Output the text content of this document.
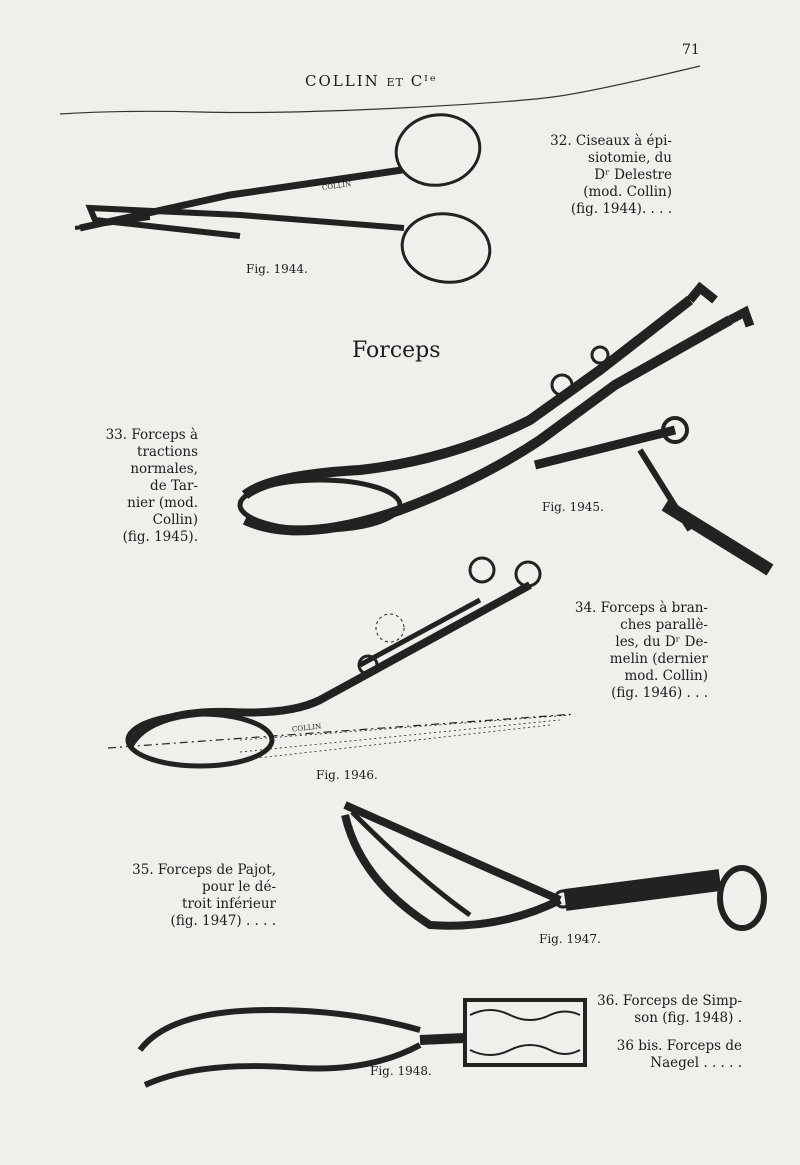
COLLIN
COLLIN
COLLIN
71
COLLIN ET Cᴵᵉ
Forceps
Fig. 1944.
Fig. 1945.
Fig. 1946.
Fig. 1947.
Fig. 1948.
32. Ciseaux à épi-
siotomie, du
Dʳ Delestre
(mod. Collin)
(fig. 1944). . . .
33. Forceps à
tractions
normales,
de Tar-
nier (mod.
Collin)
(fig. 1945).
34. Forceps à bran-
ches parallè-
les, du Dʳ De-
melin (dernier
mod. Collin)
(fig. 1946) . . .
35. Forceps de Pajot,
pour le dé-
troit inférieur
(fig. 1947) . . . .
36. Forceps de Simp-
son (fig. 1948) .
36 bis. Forceps de
Naegel . . . . .
